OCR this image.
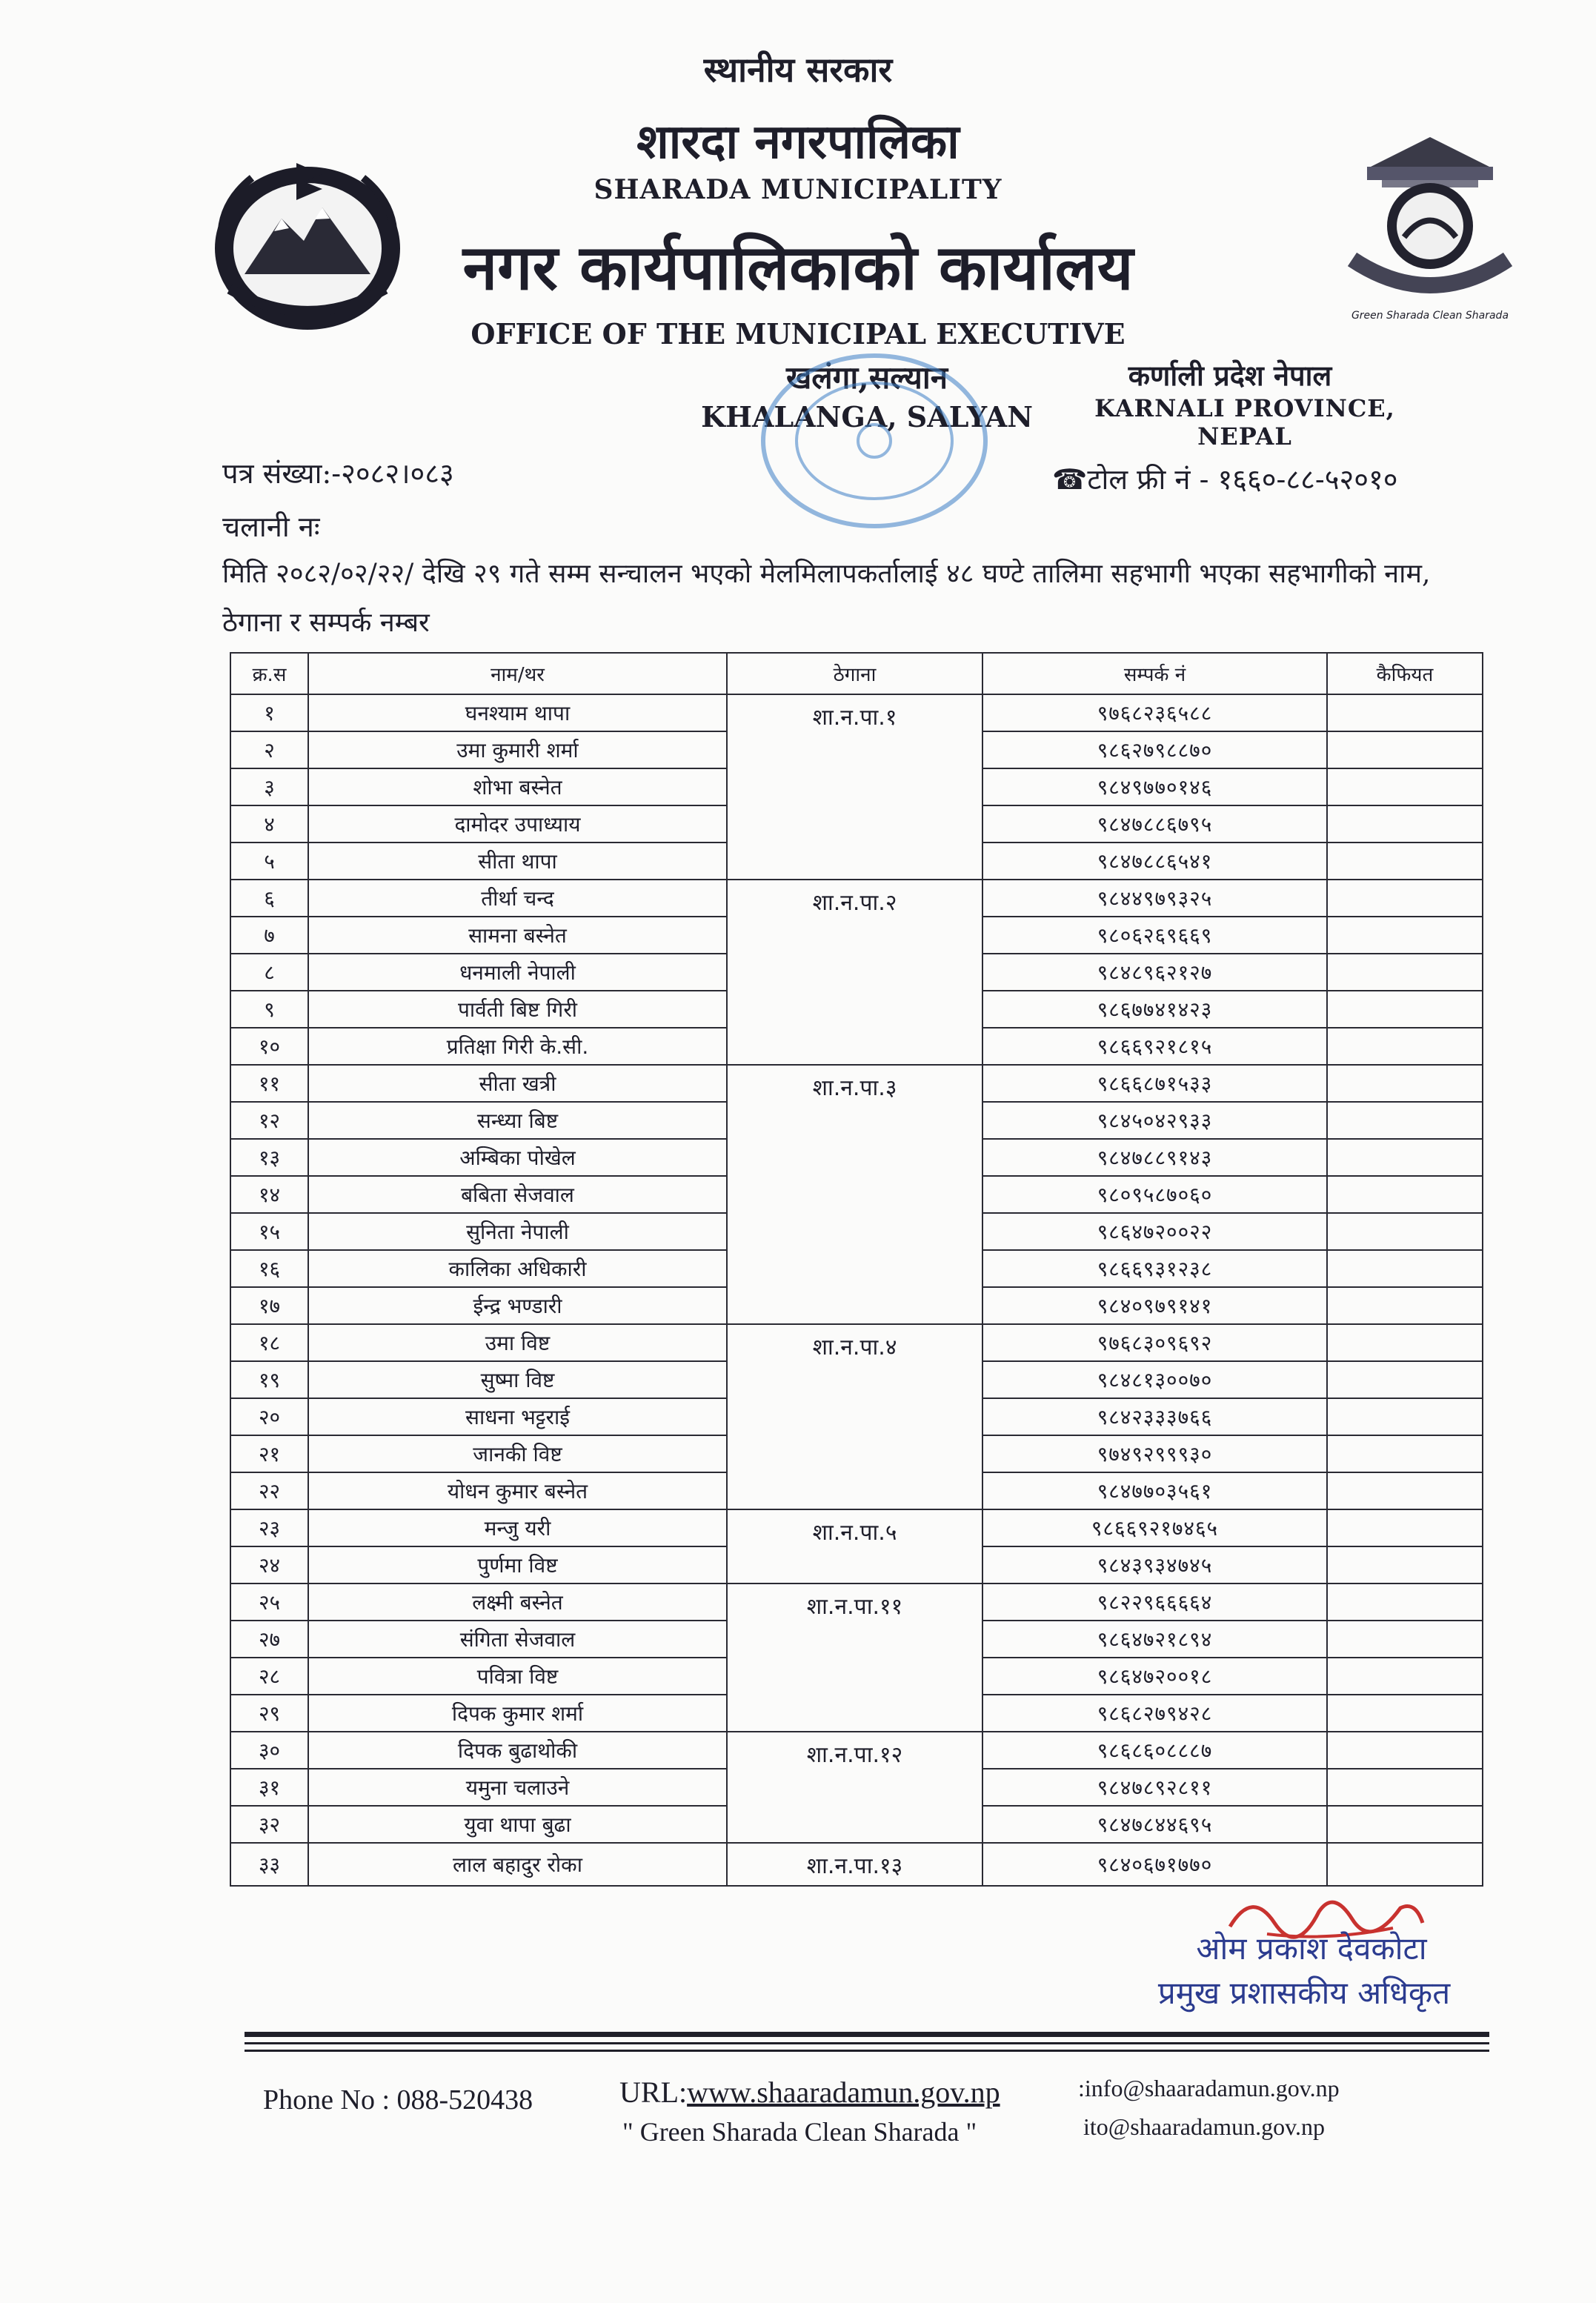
स्थानीय सरकार
शारदा नगरपालिका
SHARADA MUNICIPALITY
नगर कार्यपालिकाको कार्यालय
OFFICE OF THE MUNICIPAL EXECUTIVE
खलंगा,सल्यान
KHALANGA, SALYAN
कर्णाली प्रदेश नेपाल
KARNALI PROVINCE, NEPAL
Green Sharada Clean Sharada
पत्र संख्या:-२०८२।०८३	☎टोल फ्री नं - १६६०-८८-५२०१०
चलानी नः
मिति २०८२/०२/२२/ देखि २९ गते सम्म सन्चालन भएको मेलमिलापकर्तालाई ४८ घण्टे तालिमा सहभागी भएका सहभागीको नाम, ठेगाना र सम्पर्क नम्बर
क्र.स	नाम/थर	ठेगाना	सम्पर्क नं	कैफियत
१	घनश्याम थापा	शा.न.पा.१	९७६८२३६५८८	
२	उमा कुमारी शर्मा		९८६२७९८८७०	
३	शोभा बस्नेत		९८४९७७०१४६	
४	दामोदर उपाध्याय		९८४७८८६७९५	
५	सीता थापा		९८४७८८६५४१	
६	तीर्था चन्द	शा.न.पा.२	९८४४९७९३२५	
७	सामना बस्नेत		९८०६२६९६६९	
८	धनमाली नेपाली		९८४८९६२१२७	
९	पार्वती बिष्ट गिरी		९८६७७४१४२३	
१०	प्रतिक्षा गिरी के.सी.		९८६६९२१८१५	
११	सीता खत्री	शा.न.पा.३	९८६६८७१५३३	
१२	सन्ध्या बिष्ट		९८४५०४२९३३	
१३	अम्बिका पोखेल		९८४७८८९१४३	
१४	बबिता सेजवाल		९८०९५८७०६०	
१५	सुनिता नेपाली		९८६४७२००२२	
१६	कालिका अधिकारी		९८६६९३१२३८	
१७	ईन्द्र भण्डारी		९८४०९७९१४१	
१८	उमा विष्ट	शा.न.पा.४	९७६८३०९६९२	
१९	सुष्मा विष्ट		९८४८१३००७०	
२०	साधना भट्टराई		९८४२३३३७६६	
२१	जानकी विष्ट		९७४९२९९९३०	
२२	योधन कुमार बस्नेत		९८४७७०३५६१	
२३	मन्जु यरी	शा.न.पा.५	९८६६९२१७४६५	
२४	पुर्णमा विष्ट		९८४३९३४७४५	
२५	लक्ष्मी बस्नेत	शा.न.पा.११	९८२२९६६६६४	
२७	संगिता सेजवाल		९८६४७२१८९४	
२८	पवित्रा विष्ट		९८६४७२००१८	
२९	दिपक कुमार शर्मा		९८६८२७९४२८	
३०	दिपक बुढाथोकी	शा.न.पा.१२	९८६८६०८८८७	
३१	यमुना चलाउने		९८४७८९२८११	
३२	युवा थापा बुढा		९८४७८४४६९५	
३३	लाल बहादुर रोका	शा.न.पा.१३	९८४०६७१७७०	
ओम प्रकाश देवकोटा
प्रमुख प्रशासकीय अधिकृत
Phone No : 088-520438	URL:www.shaaradamun.gov.np
" Green Sharada Clean Sharada "
:info@shaaradamun.gov.np
ito@shaaradamun.gov.np
